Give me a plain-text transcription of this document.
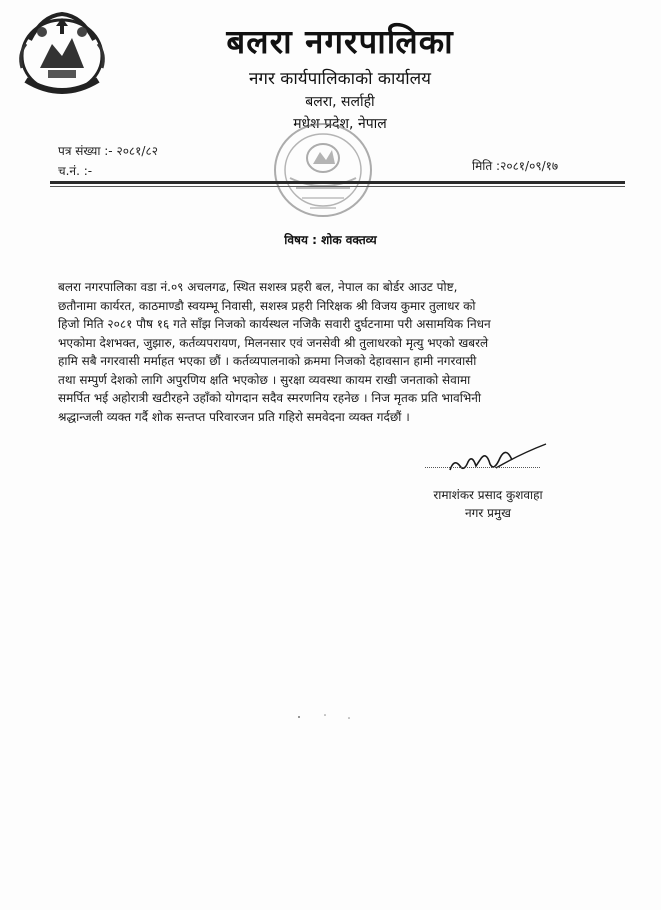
बलरा नगरपालिका
नगर कार्यपालिकाको कार्यालय
बलरा, सर्लाही
मधेश प्रदेश, नेपाल
पत्र संख्या :- २०८१/८२
च.नं. :-	मिति :२०८१/०९/१७
विषय : शोक वक्तव्य
बलरा नगरपालिका वडा नं.०९ अचलगढ, स्थित सशस्त्र प्रहरी बल, नेपाल का बोर्डर आउट पोष्ट,
छतौनामा कार्यरत, काठमाण्डौ स्वयम्भू निवासी, सशस्त्र प्रहरी निरिक्षक श्री विजय कुमार तुलाधर को
हिजो मिति २०८१ पौष १६ गते साँझ निजको कार्यस्थल नजिकै सवारी दुर्घटनामा परी असामयिक निधन
भएकोमा देशभक्त, जुझारु, कर्तव्यपरायण, मिलनसार एवं जनसेवी श्री तुलाधरको मृत्यु भएको खबरले
हामि सबै नगरवासी मर्माहत भएका छौं । कर्तव्यपालनाको क्रममा निजको देहावसान हामी नगरवासी
तथा सम्पुर्ण देशको लागि अपुरणिय क्षति भएकोछ । सुरक्षा व्यवस्था कायम राखी जनताको सेवामा
समर्पित भई अहोरात्री खटीरहने उहाँको योगदान सदैव स्मरणनिय रहनेछ । निज मृतक प्रति भावभिनी
श्रद्धान्जली व्यक्त गर्दै शोक सन्तप्त परिवारजन प्रति गहिरो समवेदना व्यक्त गर्दछौं ।
रामाशंकर प्रसाद कुशवाहा
नगर प्रमुख
